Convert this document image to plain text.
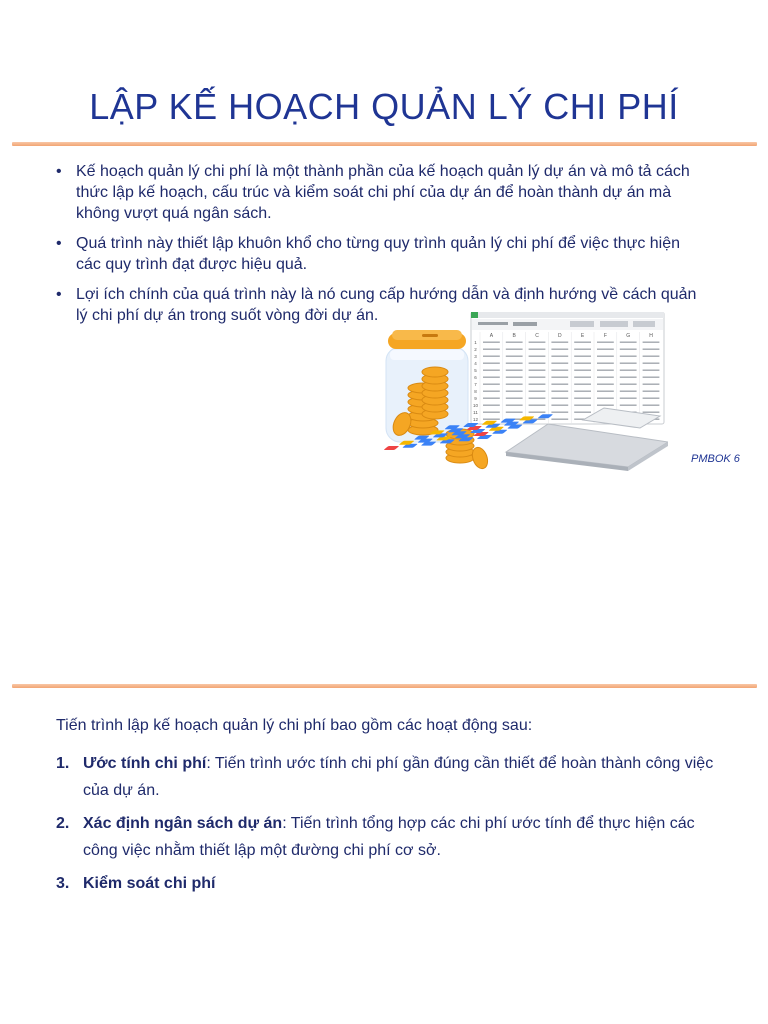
LẬP KẾ HOẠCH QUẢN LÝ CHI PHÍ
• Kế hoạch quản lý chi phí là một thành phần của kế hoạch quản lý dự án và mô tả cách thức lập kế hoạch, cấu trúc và kiểm soát chi phí của dự án để hoàn thành dự án mà không vượt quá ngân sách.
• Quá trình này thiết lập khuôn khổ cho từng quy trình quản lý chi phí để việc thực hiện các quy trình đạt được hiệu quả.
• Lợi ích chính của quá trình này là nó cung cấp hướng dẫn và định hướng về cách quản lý chi phí dự án trong suốt vòng đời dự án.
A	B	C	D	E	F	G	H
1
2
3
4
5
6
7
8
9
10
11
12
PMBOK 6
Tiến trình lập kế hoạch quản lý chi phí bao gồm các hoạt động sau:
1. Ước tính chi phí: Tiến trình ước tính chi phí gần đúng cần thiết để hoàn thành công việc của dự án.
2. Xác định ngân sách dự án: Tiến trình tổng hợp các chi phí ước tính để thực hiện các công việc nhằm thiết lập một đường chi phí cơ sở.
3. Kiểm soát chi phí
